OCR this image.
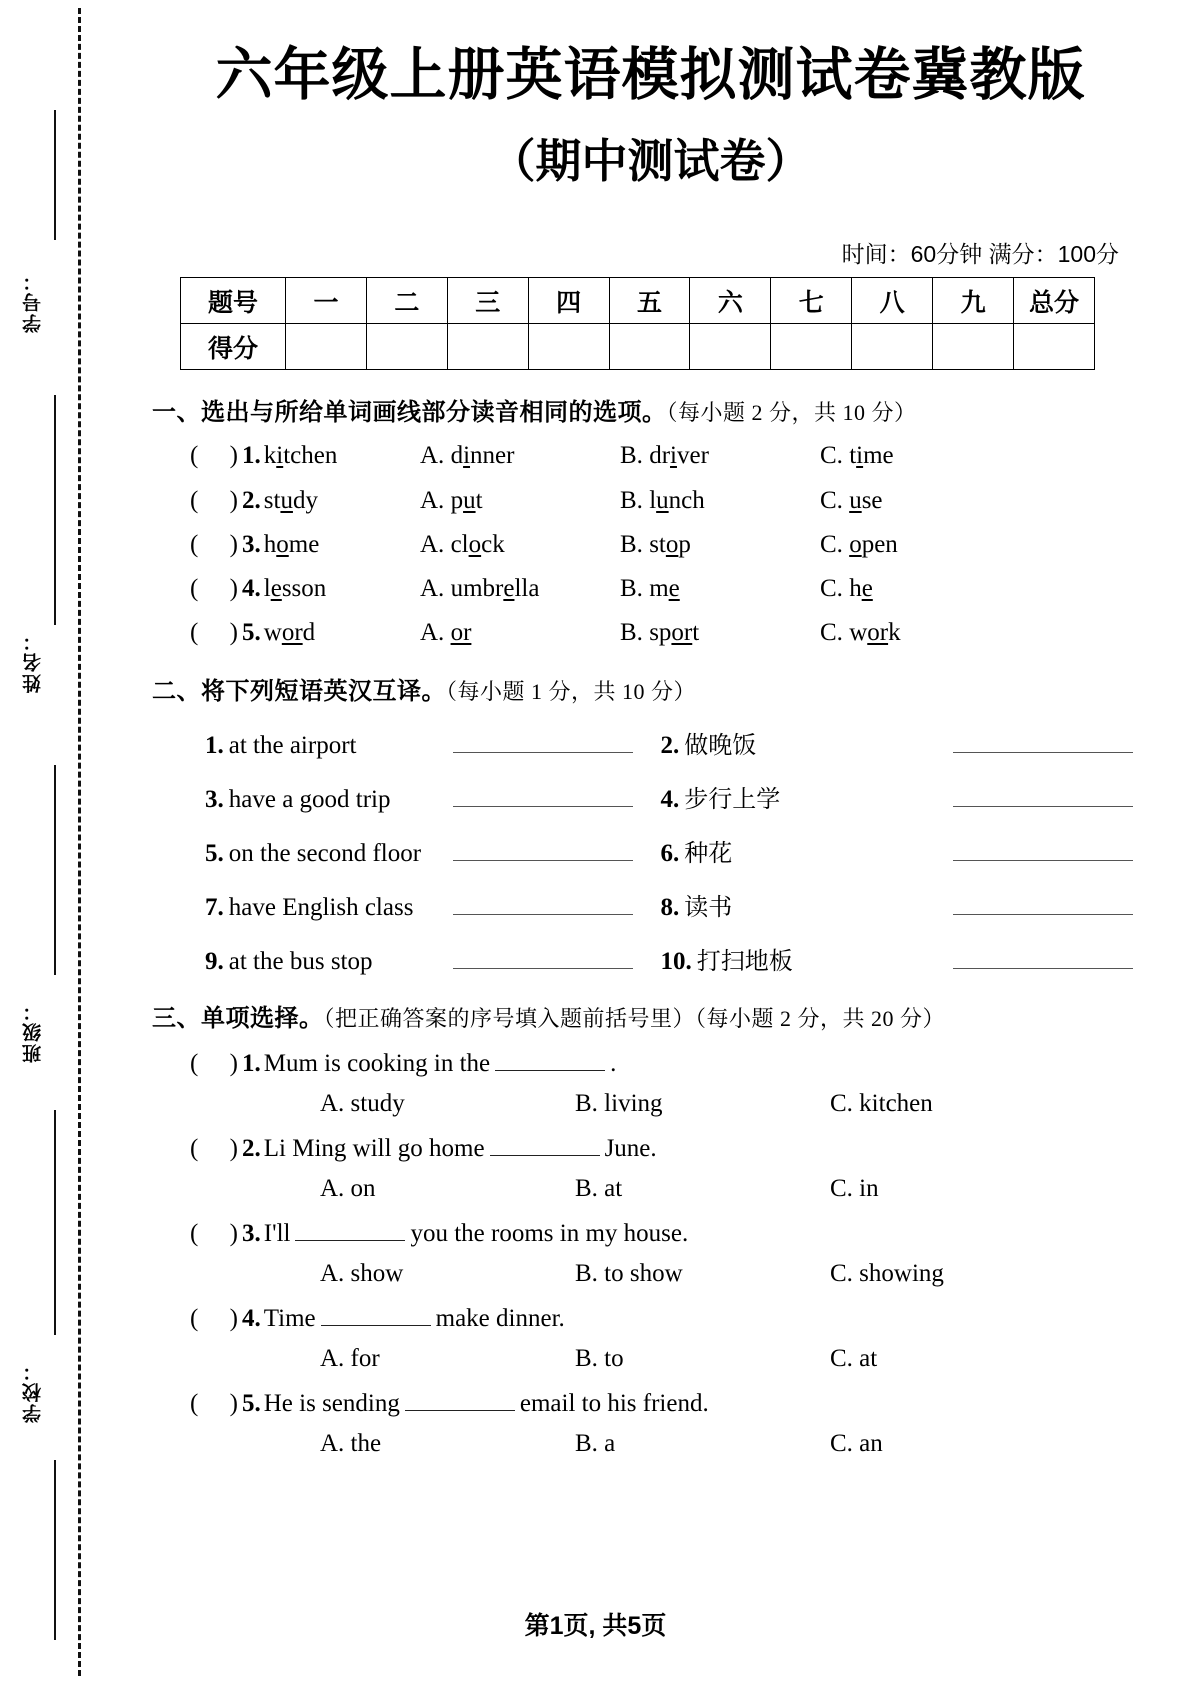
学号：
姓名：
班级：
学校：
六年级上册英语模拟测试卷冀教版
（期中测试卷）
时间：60分钟 满分：100分
题号	一	二	三	四	五	六	七	八	九	总分
得分										
一、选出与所给单词画线部分读音相同的选项。（每小题 2 分，共 10 分）
(     ) 1. kitchen	A. dinner	B. driver	C. time
(     ) 2. study	A. put	B. lunch	C. use
(     ) 3. home	A. clock	B. stop	C. open
(     ) 4. lesson	A. umbrella	B. me	C. he
(     ) 5. word	A. or	B. sport	C. work
二、将下列短语英汉互译。（每小题 1 分，共 10 分）
1. at the airport	2. 做晚饭
3. have a good trip	4. 步行上学
5. on the second floor	6. 种花
7. have English class	8. 读书
9. at the bus stop	10. 打扫地板
三、单项选择。（把正确答案的序号填入题前括号里）（每小题 2 分，共 20 分）
(     ) 1. Mum is cooking in the	.
A. study	B. living	C. kitchen
(     ) 2. Li Ming will go home	June.
A. on	B. at	C. in
(     ) 3. I'll	you the rooms in my house.
A. show	B. to show	C. showing
(     ) 4. Time	make dinner.
A. for	B. to	C. at
(     ) 5. He is sending	email to his friend.
A. the	B. a	C. an
第1页, 共5页
